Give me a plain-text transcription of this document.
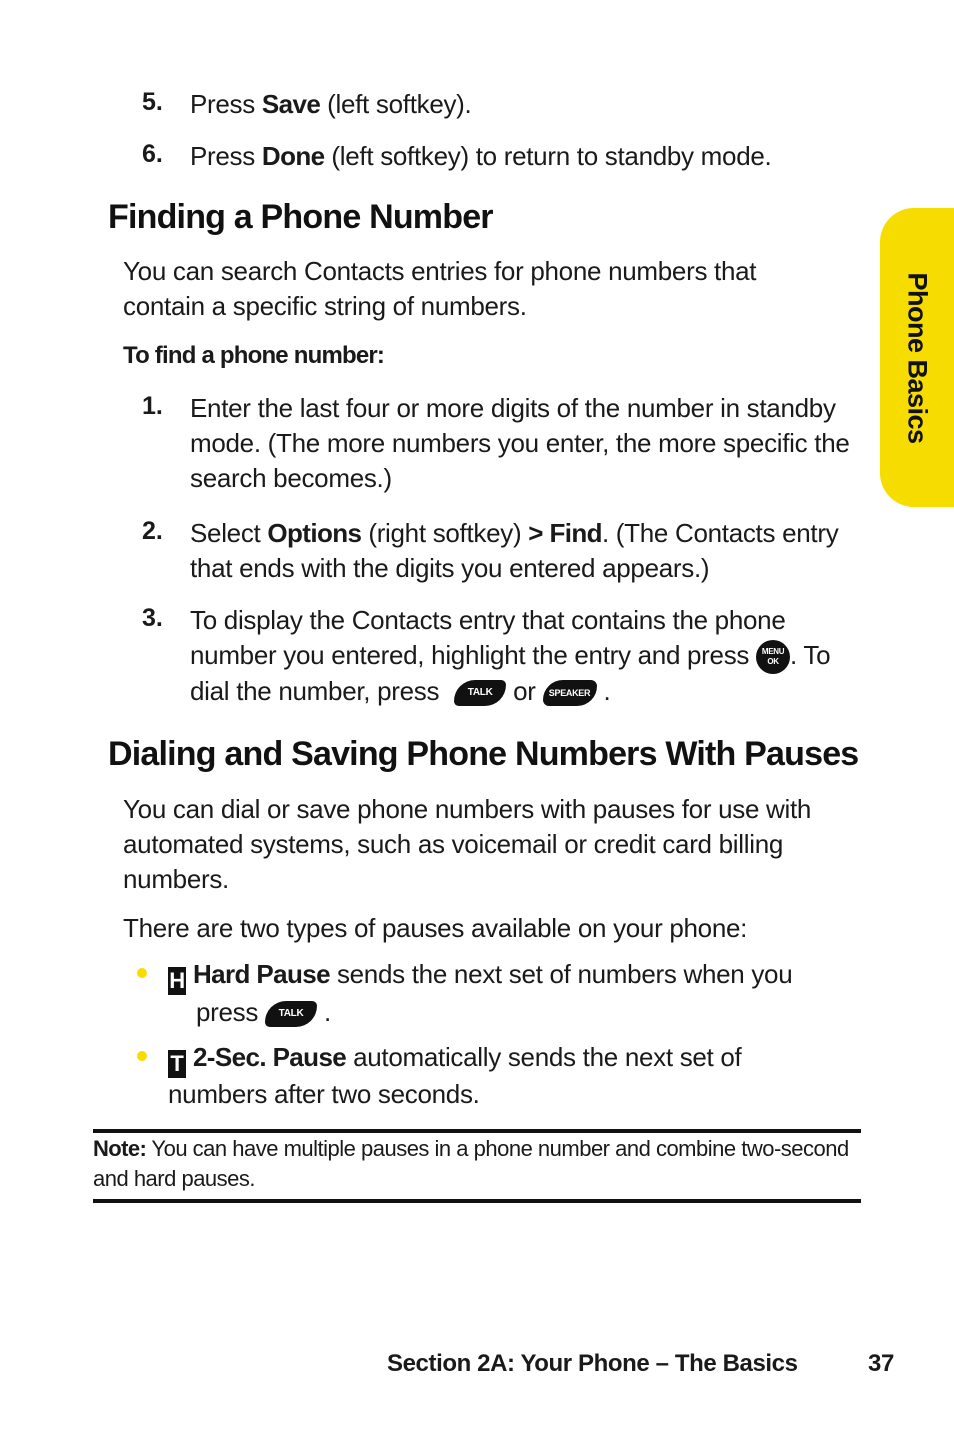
5. Press Save (left softkey).
6. Press Done (left softkey) to return to standby mode.
Finding a Phone Number
You can search Contacts entries for phone numbers that contain a specific string of numbers.
To find a phone number:
1. Enter the last four or more digits of the number in standby mode. (The more numbers you enter, the more specific the search becomes.)
2. Select Options (right softkey) > Find. (The Contacts entry that ends with the digits you entered appears.)
3. To display the Contacts entry that contains the phone number you entered, highlight the entry and press MENU
OK . To dial the number, press TALK or SPEAKER .
Dialing and Saving Phone Numbers With Pauses
You can dial or save phone numbers with pauses for use with automated systems, such as voicemail or credit card billing numbers.
There are two types of pauses available on your phone:
H Hard Pause sends the next set of numbers when you
press TALK .
T 2-Sec. Pause automatically sends the next set of
numbers after two seconds.
Note: You can have multiple pauses in a phone number and combine two-second and hard pauses.
Phone Basics
Section 2A: Your Phone – The Basics	37
